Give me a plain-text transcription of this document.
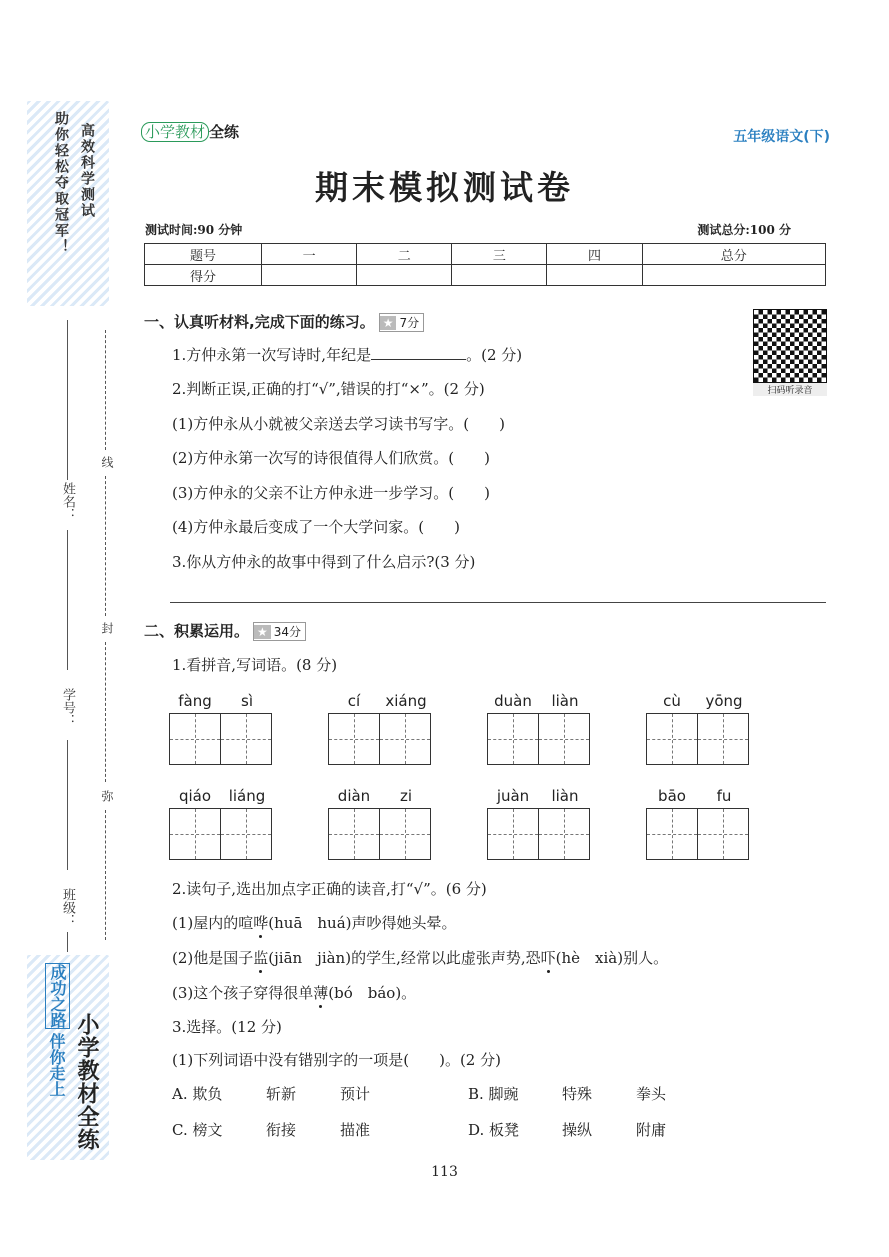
高效科学测试
助你轻松夺取冠军！
姓名：
学号：
班级：
线
封
弥
小学教材全练
伴你走上
成功之路
小学教材 全练	五年级语文(下)
期末模拟测试卷
测试时间:90 分钟	测试总分:100 分
题号	一	二	三	四	总分
得分					
一、认真听材料,完成下面的练习。 ★ 7分
扫码听录音
1.方仲永第一次写诗时,年纪是	。(2 分)
2.判断正误,正确的打“√”,错误的打“×”。(2 分)
(1)方仲永从小就被父亲送去学习读书写字。(　　)
(2)方仲永第一次写的诗很值得人们欣赏。(　　)
(3)方仲永的父亲不让方仲永进一步学习。(　　)
(4)方仲永最后变成了一个大学问家。(　　)
3.你从方仲永的故事中得到了什么启示?(3 分)
二、积累运用。 ★ 34分
1.看拼音,写词语。(8 分)
fàng	sì	cí	xiáng	duàn	liàn	cù	yōng
qiáo	liáng	diàn	zi	juàn	liàn	bāo	fu
2.读句子,选出加点字正确的读音,打“√”。(6 分)
(1)屋内的喧哗(huā　huá)声吵得她头晕。
(2)他是国子监(jiān　jiàn)的学生,经常以此虚张声势,恐吓(hè　xià)别人。
(3)这个孩子穿得很单薄(bó　báo)。
3.选择。(12 分)
(1)下列词语中没有错别字的一项是(　　)。(2 分)
A. 欺负	斩新	预计	B. 脚豌	特殊	拳头
C. 榜文	衔接	描准	D. 板凳	操纵	附庸
113
